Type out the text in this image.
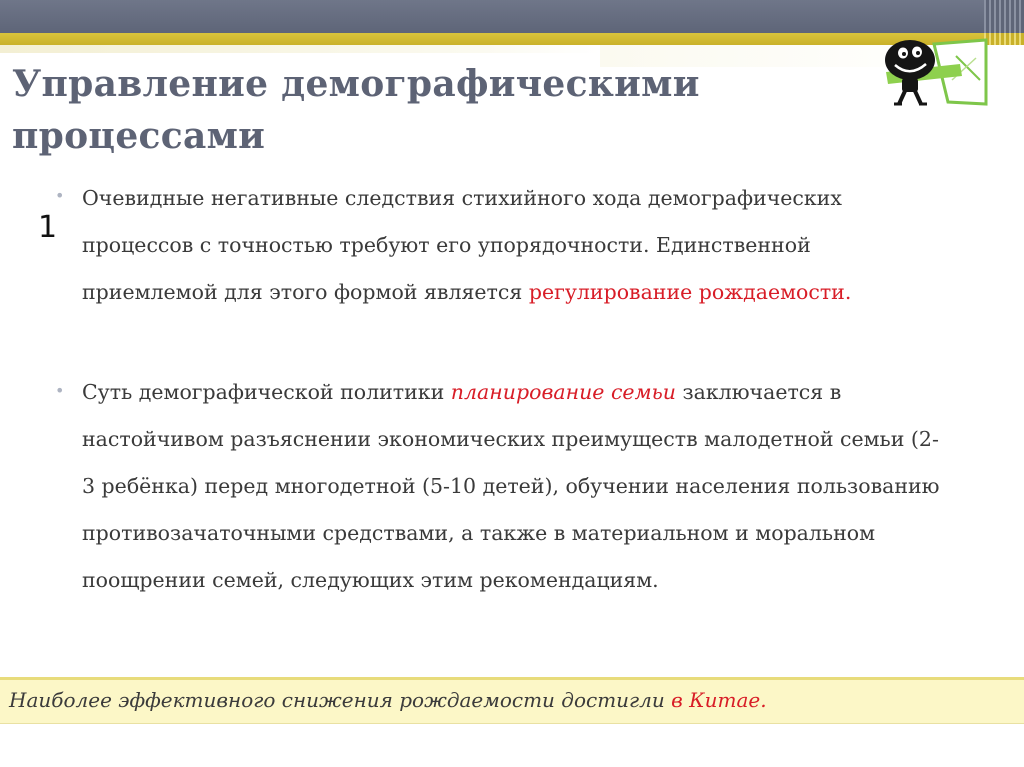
Управление демографическими
процессами
1
• Очевидные негативные следствия стихийного хода демографических процессов с точностью требуют его упорядочности. Единственной приемлемой для этого формой является регулирование рождаемости.
• Суть демографической политики планирование семьи заключается в настойчивом разъяснении экономических преимуществ малодетной семьи (2-3 ребёнка) перед многодетной (5-10 детей), обучении населения пользованию противозачаточными средствами, а также в материальном и моральном поощрении семей, следующих этим рекомендациям.
Наиболее эффективного снижения рождаемости достигли в Китае.
